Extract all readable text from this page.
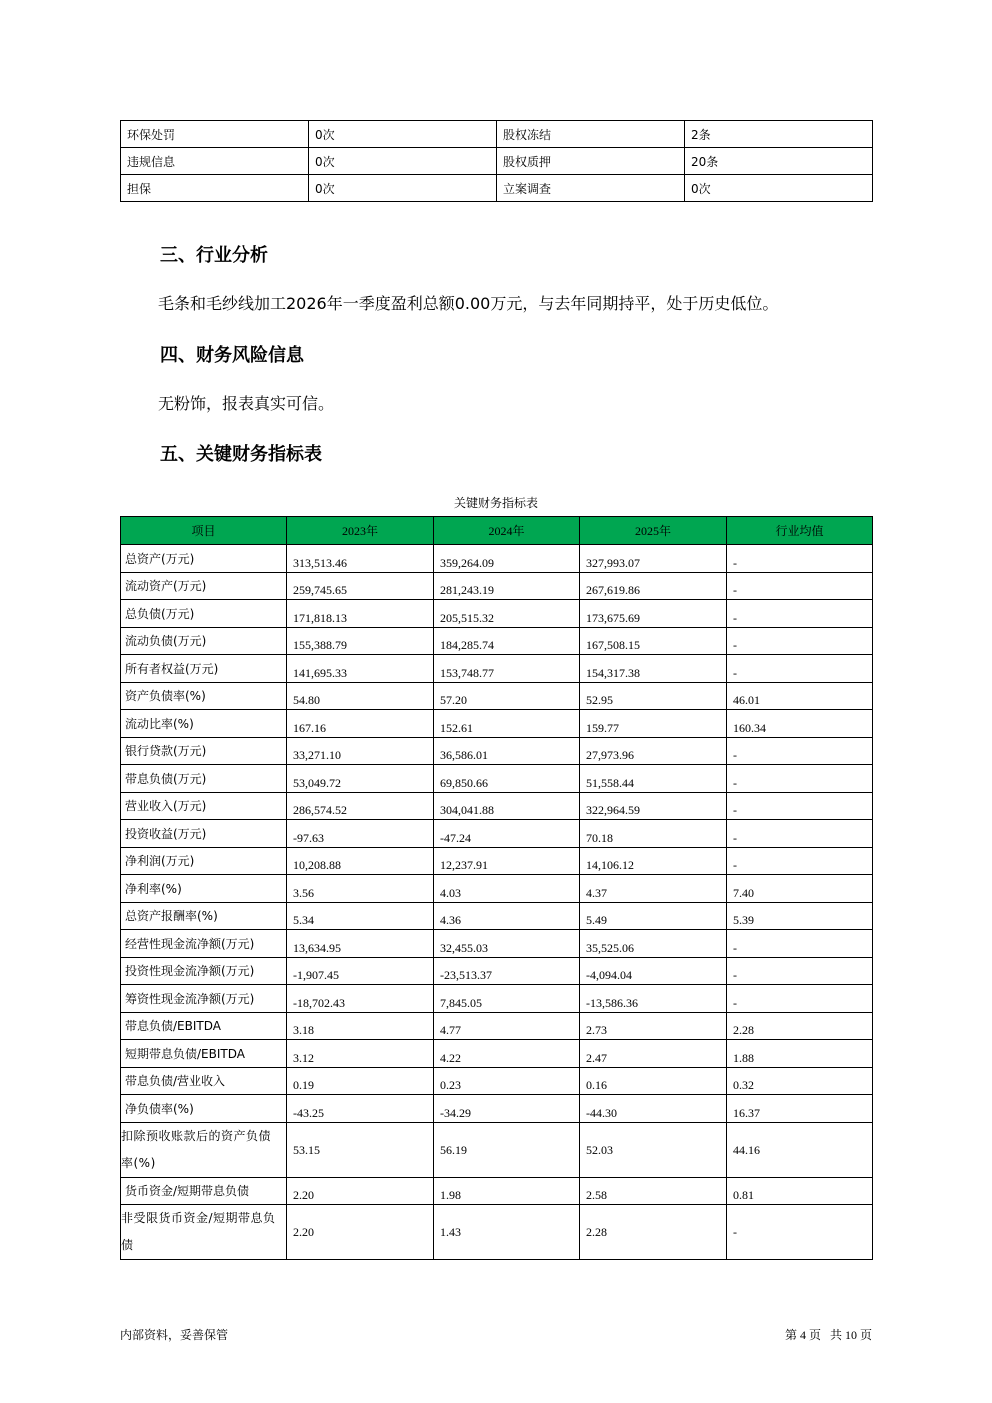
环保处罚	0次	股权冻结	2条
违规信息	0次	股权质押	20条
担保	0次	立案调查	0次
三、行业分析

毛条和毛纱线加工2026年一季度盈利总额0.00万元，与去年同期持平，处于历史低位。

四、财务风险信息

无粉饰，报表真实可信。

五、关键财务指标表
关键财务指标表
项目	2023年	2024年	2025年	行业均值
总资产(万元)	313,513.46	359,264.09	327,993.07	-
流动资产(万元)	259,745.65	281,243.19	267,619.86	-
总负债(万元)	171,818.13	205,515.32	173,675.69	-
流动负债(万元)	155,388.79	184,285.74	167,508.15	-
所有者权益(万元)	141,695.33	153,748.77	154,317.38	-
资产负债率(%)	54.80	57.20	52.95	46.01
流动比率(%)	167.16	152.61	159.77	160.34
银行贷款(万元)	33,271.10	36,586.01	27,973.96	-
带息负债(万元)	53,049.72	69,850.66	51,558.44	-
营业收入(万元)	286,574.52	304,041.88	322,964.59	-
投资收益(万元)	-97.63	-47.24	70.18	-
净利润(万元)	10,208.88	12,237.91	14,106.12	-
净利率(%)	3.56	4.03	4.37	7.40
总资产报酬率(%)	5.34	4.36	5.49	5.39
经营性现金流净额(万元)	13,634.95	32,455.03	35,525.06	-
投资性现金流净额(万元)	-1,907.45	-23,513.37	-4,094.04	-
筹资性现金流净额(万元)	-18,702.43	7,845.05	-13,586.36	-
带息负债/EBITDA	3.18	4.77	2.73	2.28
短期带息负债/EBITDA	3.12	4.22	2.47	1.88
带息负债/营业收入	0.19	0.23	0.16	0.32
净负债率(%)	-43.25	-34.29	-44.30	16.37
扣除预收账款后的资产负债率(%)	53.15	56.19	52.03	44.16
货币资金/短期带息负债	2.20	1.98	2.58	0.81
非受限货币资金/短期带息负债	2.20	1.43	2.28	-
内部资料，妥善保管	第 4 页   共 10 页
